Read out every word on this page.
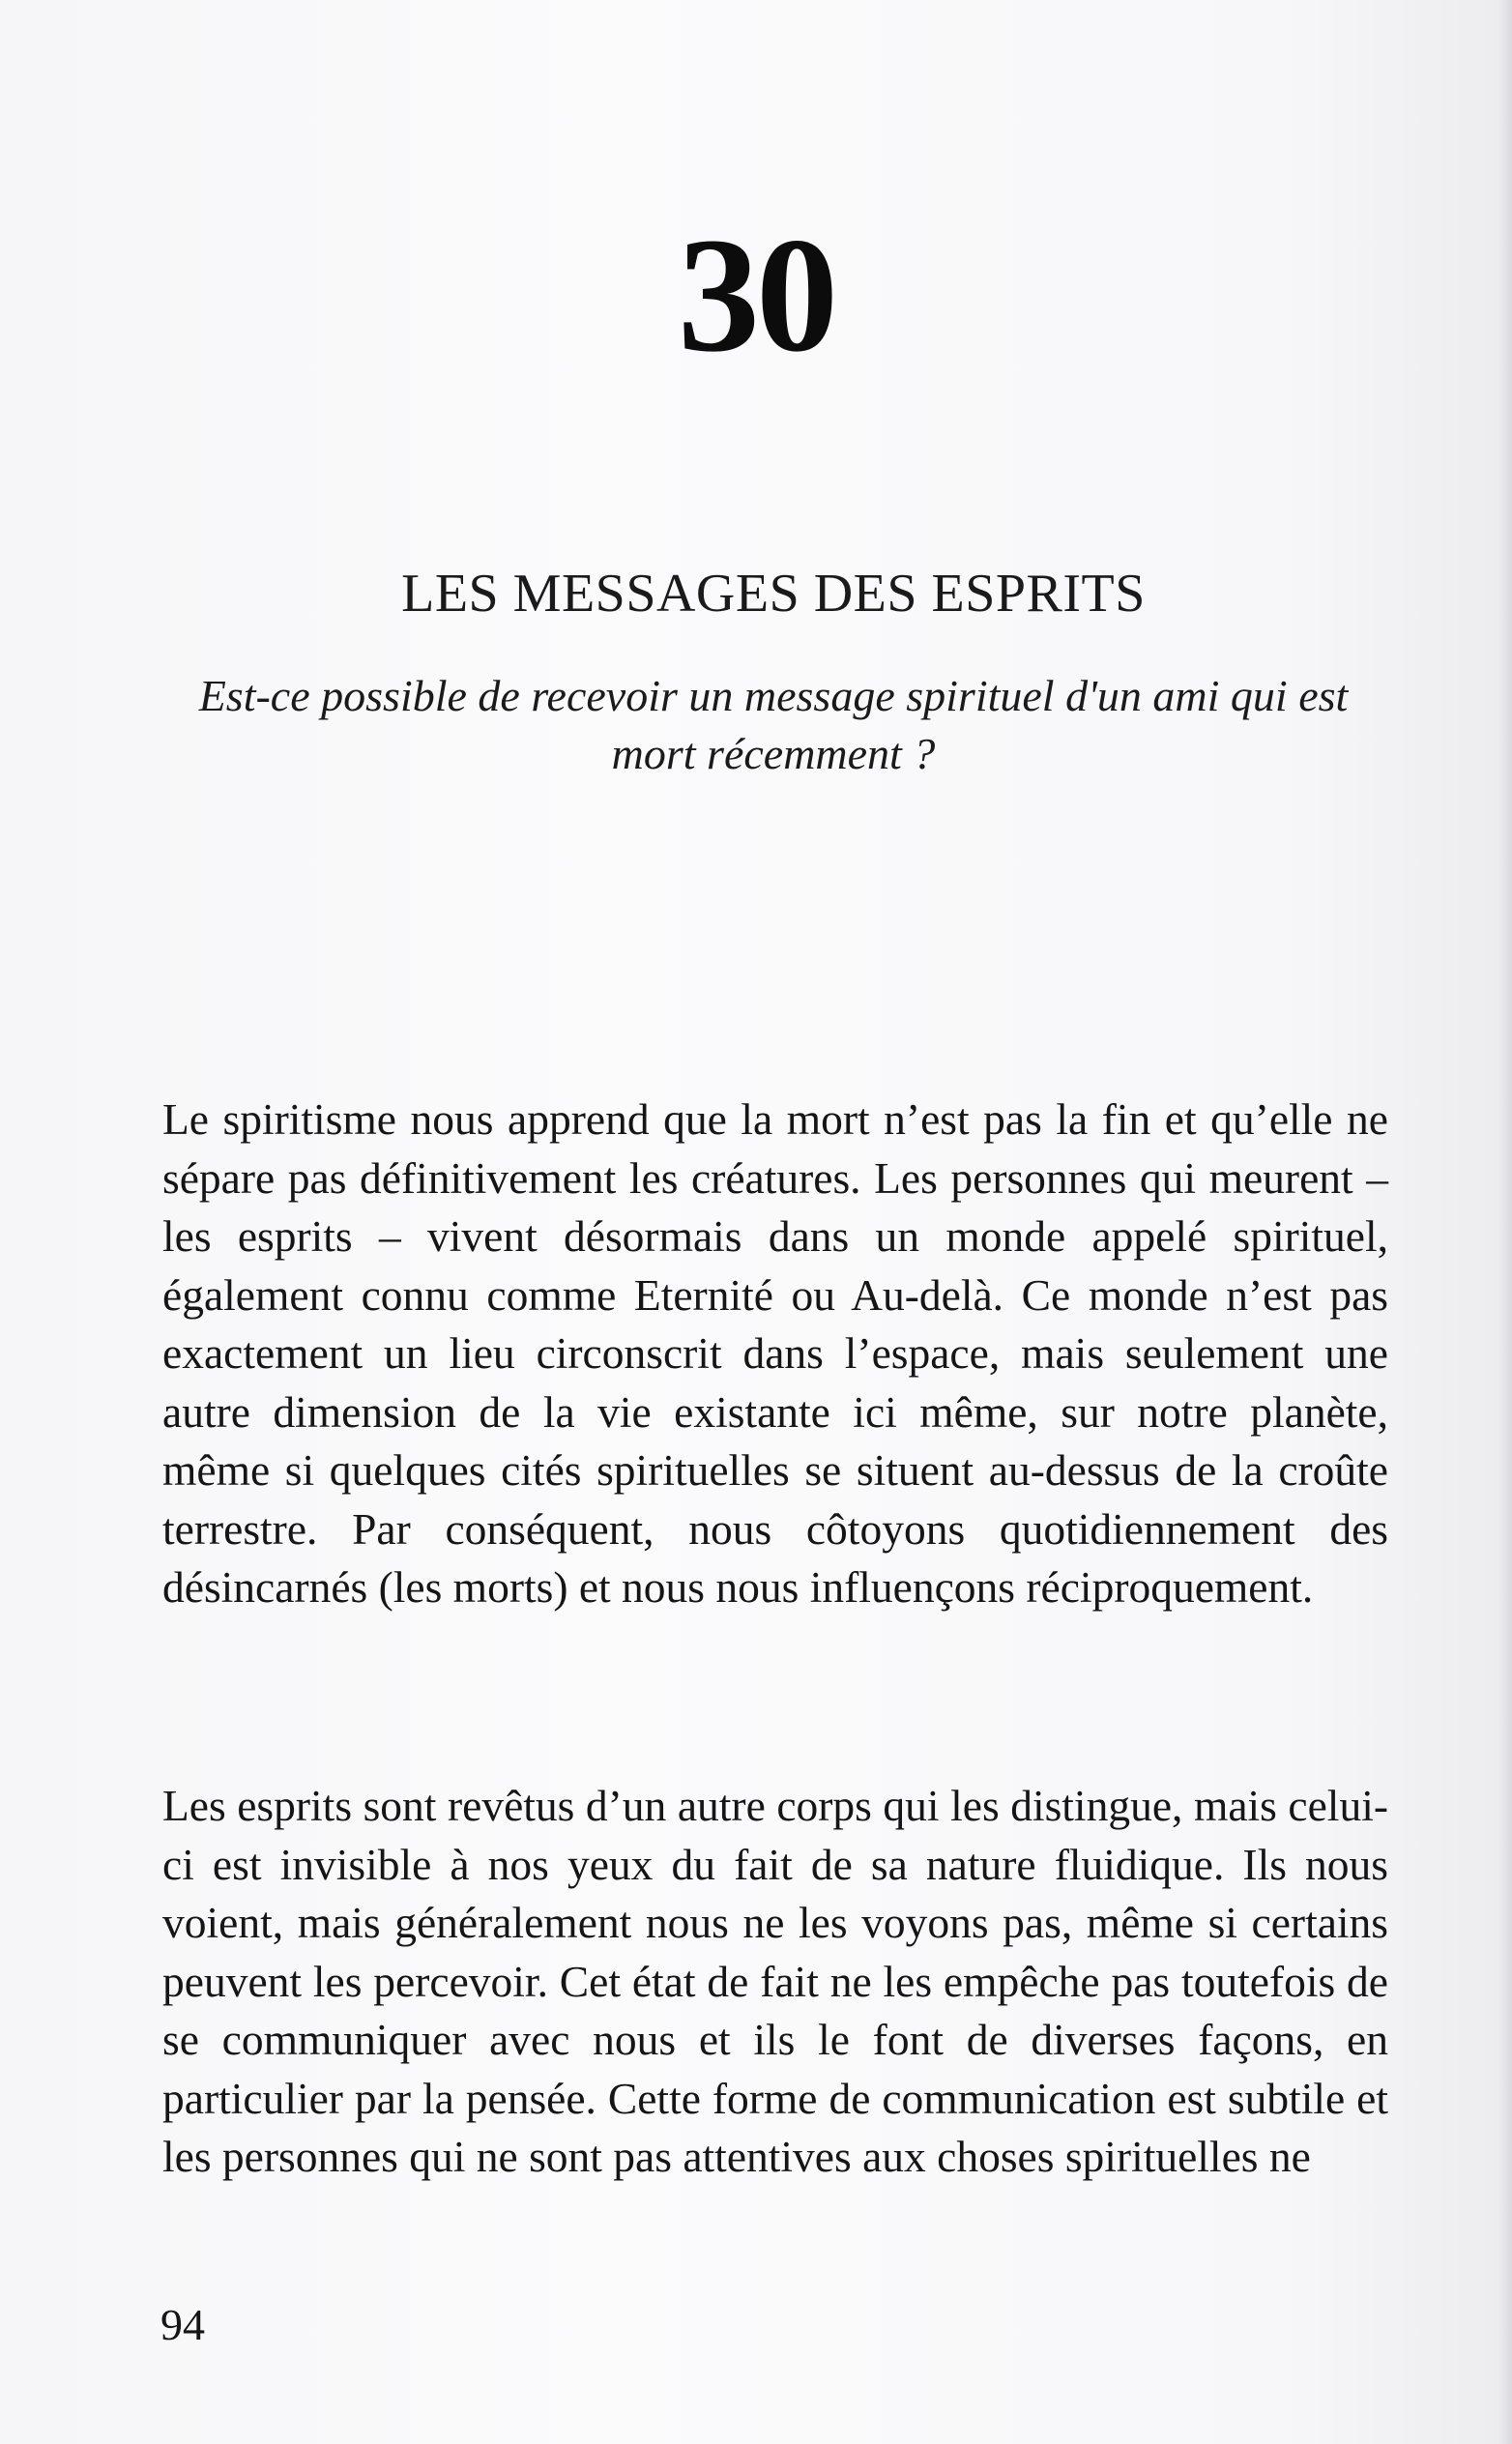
30
LES MESSAGES DES ESPRITS
Est-ce possible de recevoir un message spirituel d'un ami qui est mort récemment ?

Le spiritisme nous apprend que la mort n’est pas la fin et qu’elle ne sépare pas définitivement les créatures. Les personnes qui meurent – les esprits – vivent désormais dans un monde appelé spirituel, également connu comme Eternité ou Au-delà. Ce monde n’est pas exactement un lieu circonscrit dans l’espace, mais seulement une autre dimension de la vie existante ici même, sur notre planète, même si quelques cités spirituelles se situent au-dessus de la croûte terrestre. Par conséquent, nous côtoyons quotidiennement des désincarnés (les morts) et nous nous influençons réciproquement.

Les esprits sont revêtus d’un autre corps qui les distingue, mais celui-ci est invisible à nos yeux du fait de sa nature fluidique. Ils nous voient, mais généralement nous ne les voyons pas, même si certains peuvent les percevoir. Cet état de fait ne les empêche pas toutefois de se communiquer avec nous et ils le font de diverses façons, en particulier par la pensée. Cette forme de communication est subtile et les personnes qui ne sont pas attentives aux choses spirituelles ne

94
